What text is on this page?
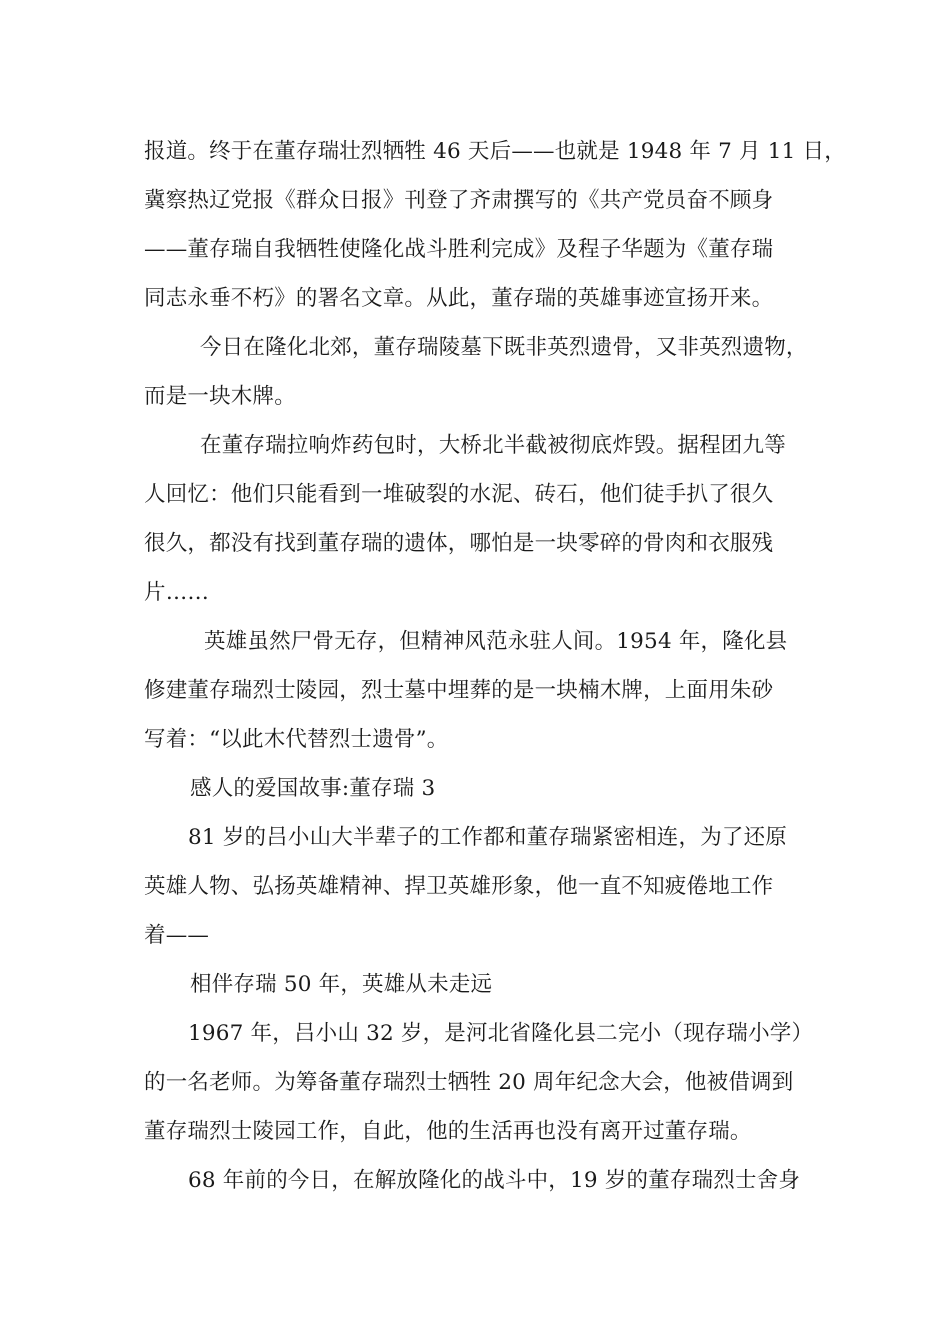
报道。终于在董存瑞壮烈牺牲 46 天后——也就是 1948 年 7 月 11 日，
冀察热辽党报《群众日报》刊登了齐肃撰写的《共产党员奋不顾身
——董存瑞自我牺牲使隆化战斗胜利完成》及程子华题为《董存瑞
同志永垂不朽》的署名文章。从此，董存瑞的英雄事迹宣扬开来。
今日在隆化北郊，董存瑞陵墓下既非英烈遗骨，又非英烈遗物，
而是一块木牌。
在董存瑞拉响炸药包时，大桥北半截被彻底炸毁。据程团九等
人回忆：他们只能看到一堆破裂的水泥、砖石，他们徒手扒了很久
很久，都没有找到董存瑞的遗体，哪怕是一块零碎的骨肉和衣服残
片……
英雄虽然尸骨无存，但精神风范永驻人间。1954 年，隆化县
修建董存瑞烈士陵园，烈士墓中埋葬的是一块楠木牌，上面用朱砂
写着：“以此木代替烈士遗骨”。
感人的爱国故事:董存瑞 3
81 岁的吕小山大半辈子的工作都和董存瑞紧密相连，为了还原
英雄人物、弘扬英雄精神、捍卫英雄形象，他一直不知疲倦地工作
着——
相伴存瑞 50 年，英雄从未走远
1967 年，吕小山 32 岁，是河北省隆化县二完小（现存瑞小学）
的一名老师。为筹备董存瑞烈士牺牲 20 周年纪念大会，他被借调到
董存瑞烈士陵园工作，自此，他的生活再也没有离开过董存瑞。
68 年前的今日，在解放隆化的战斗中，19 岁的董存瑞烈士舍身
